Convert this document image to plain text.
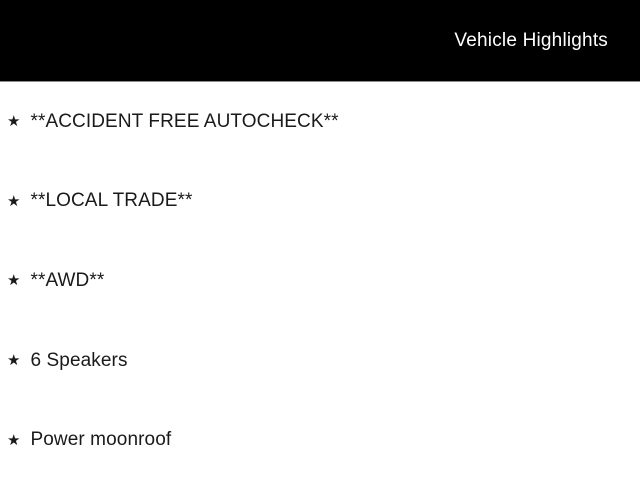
Vehicle Highlights
★ **ACCIDENT FREE AUTOCHECK**
★ **LOCAL TRADE**
★ **AWD**
★ 6 Speakers
★ Power moonroof
